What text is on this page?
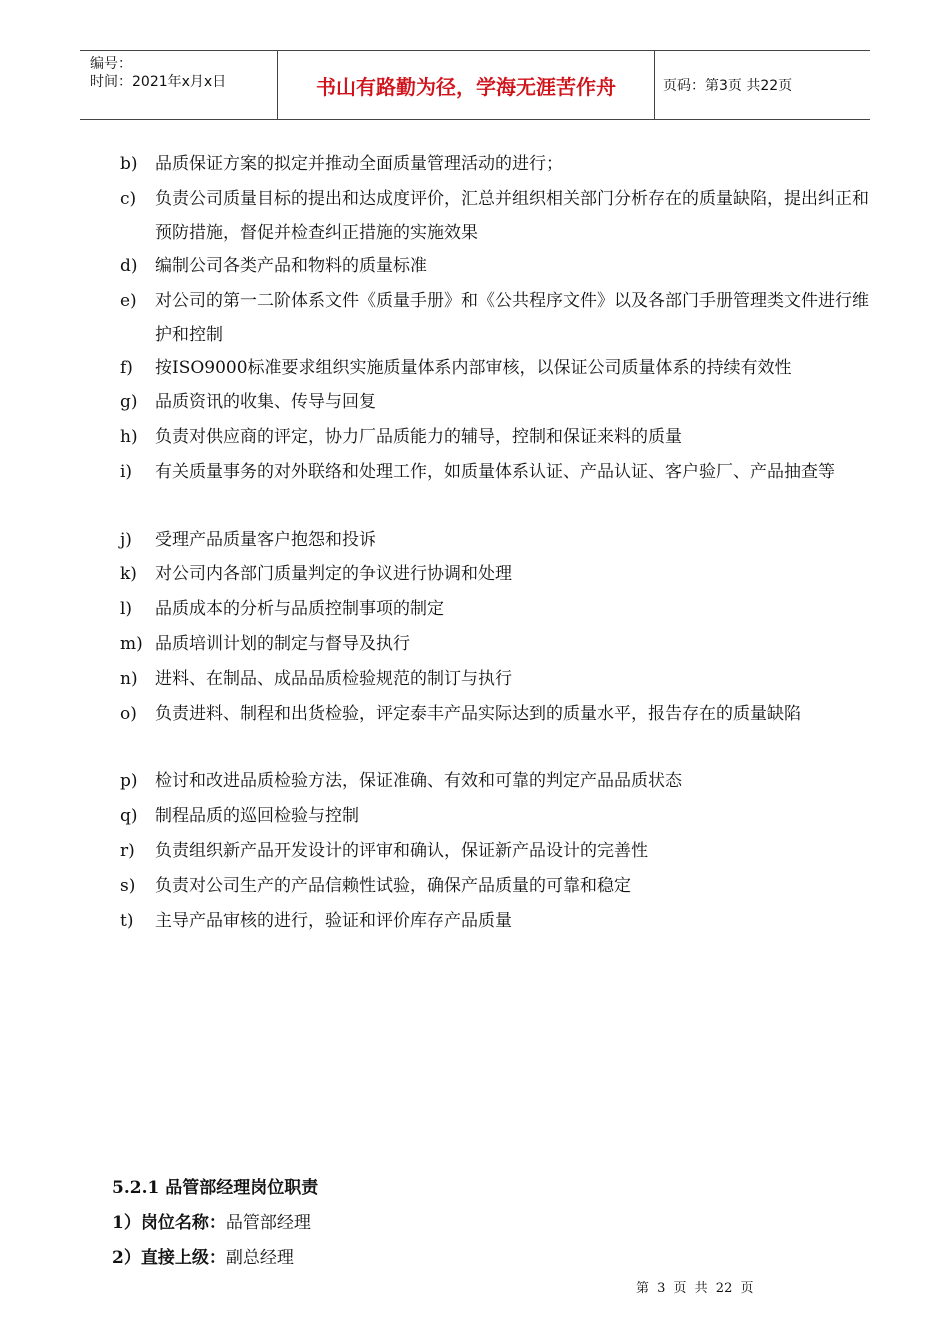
编号：
时间：2021年x月x日	书山有路勤为径，学海无涯苦作舟	页码：第3页 共22页
b) 品质保证方案的拟定并推动全面质量管理活动的进行；
c) 负责公司质量目标的提出和达成度评价，汇总并组织相关部门分析存在的质量缺陷，提出纠正和预防措施，督促并检查纠正措施的实施效果
d) 编制公司各类产品和物料的质量标准
e) 对公司的第一二阶体系文件《质量手册》和《公共程序文件》以及各部门手册管理类文件进行维护和控制
f) 按ISO9000标准要求组织实施质量体系内部审核，以保证公司质量体系的持续有效性
g) 品质资讯的收集、传导与回复
h) 负责对供应商的评定，协力厂品质能力的辅导，控制和保证来料的质量
i) 有关质量事务的对外联络和处理工作，如质量体系认证、产品认证、客户验厂、产品抽查等
j) 受理产品质量客户抱怨和投诉
k) 对公司内各部门质量判定的争议进行协调和处理
l) 品质成本的分析与品质控制事项的制定
m) 品质培训计划的制定与督导及执行
n) 进料、在制品、成品品质检验规范的制订与执行
o) 负责进料、制程和出货检验，评定泰丰产品实际达到的质量水平，报告存在的质量缺陷
p) 检讨和改进品质检验方法，保证准确、有效和可靠的判定产品品质状态
q) 制程品质的巡回检验与控制
r) 负责组织新产品开发设计的评审和确认，保证新产品设计的完善性
s) 负责对公司生产的产品信赖性试验，确保产品质量的可靠和稳定
t) 主导产品审核的进行，验证和评价库存产品质量
5.2.1 品管部经理岗位职责
1）岗位名称：品管部经理
2）直接上级：副总经理
第 3 页 共 22 页
